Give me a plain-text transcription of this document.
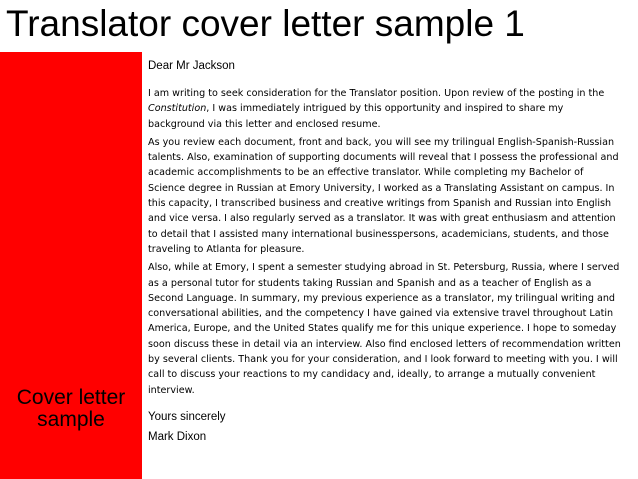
Translator cover letter sample 1
Cover letter
sample

Dear Mr Jackson

I am writing to seek consideration for the Translator position. Upon review of the posting in the Constitution, I was immediately intrigued by this opportunity and inspired to share my background via this letter and enclosed resume.

As you review each document, front and back, you will see my trilingual English-Spanish-Russian talents. Also, examination of supporting documents will reveal that I possess the professional and academic accomplishments to be an effective translator. While completing my Bachelor of Science degree in Russian at Emory University, I worked as a Translating Assistant on campus. In this capacity, I transcribed business and creative writings from Spanish and Russian into English and vice versa. I also regularly served as a translator. It was with great enthusiasm and attention to detail that I assisted many international businesspersons, academicians, students, and those traveling to Atlanta for pleasure.

Also, while at Emory, I spent a semester studying abroad in St. Petersburg, Russia, where I served as a personal tutor for students taking Russian and Spanish and as a teacher of English as a Second Language. In summary, my previous experience as a translator, my trilingual writing and conversational abilities, and the competency I have gained via extensive travel throughout Latin America, Europe, and the United States qualify me for this unique experience. I hope to someday soon discuss these in detail via an interview. Also find enclosed letters of recommendation written by several clients. Thank you for your consideration, and I look forward to meeting with you. I will call to discuss your reactions to my candidacy and, ideally, to arrange a mutually convenient interview.

Yours sincerely

Mark Dixon
